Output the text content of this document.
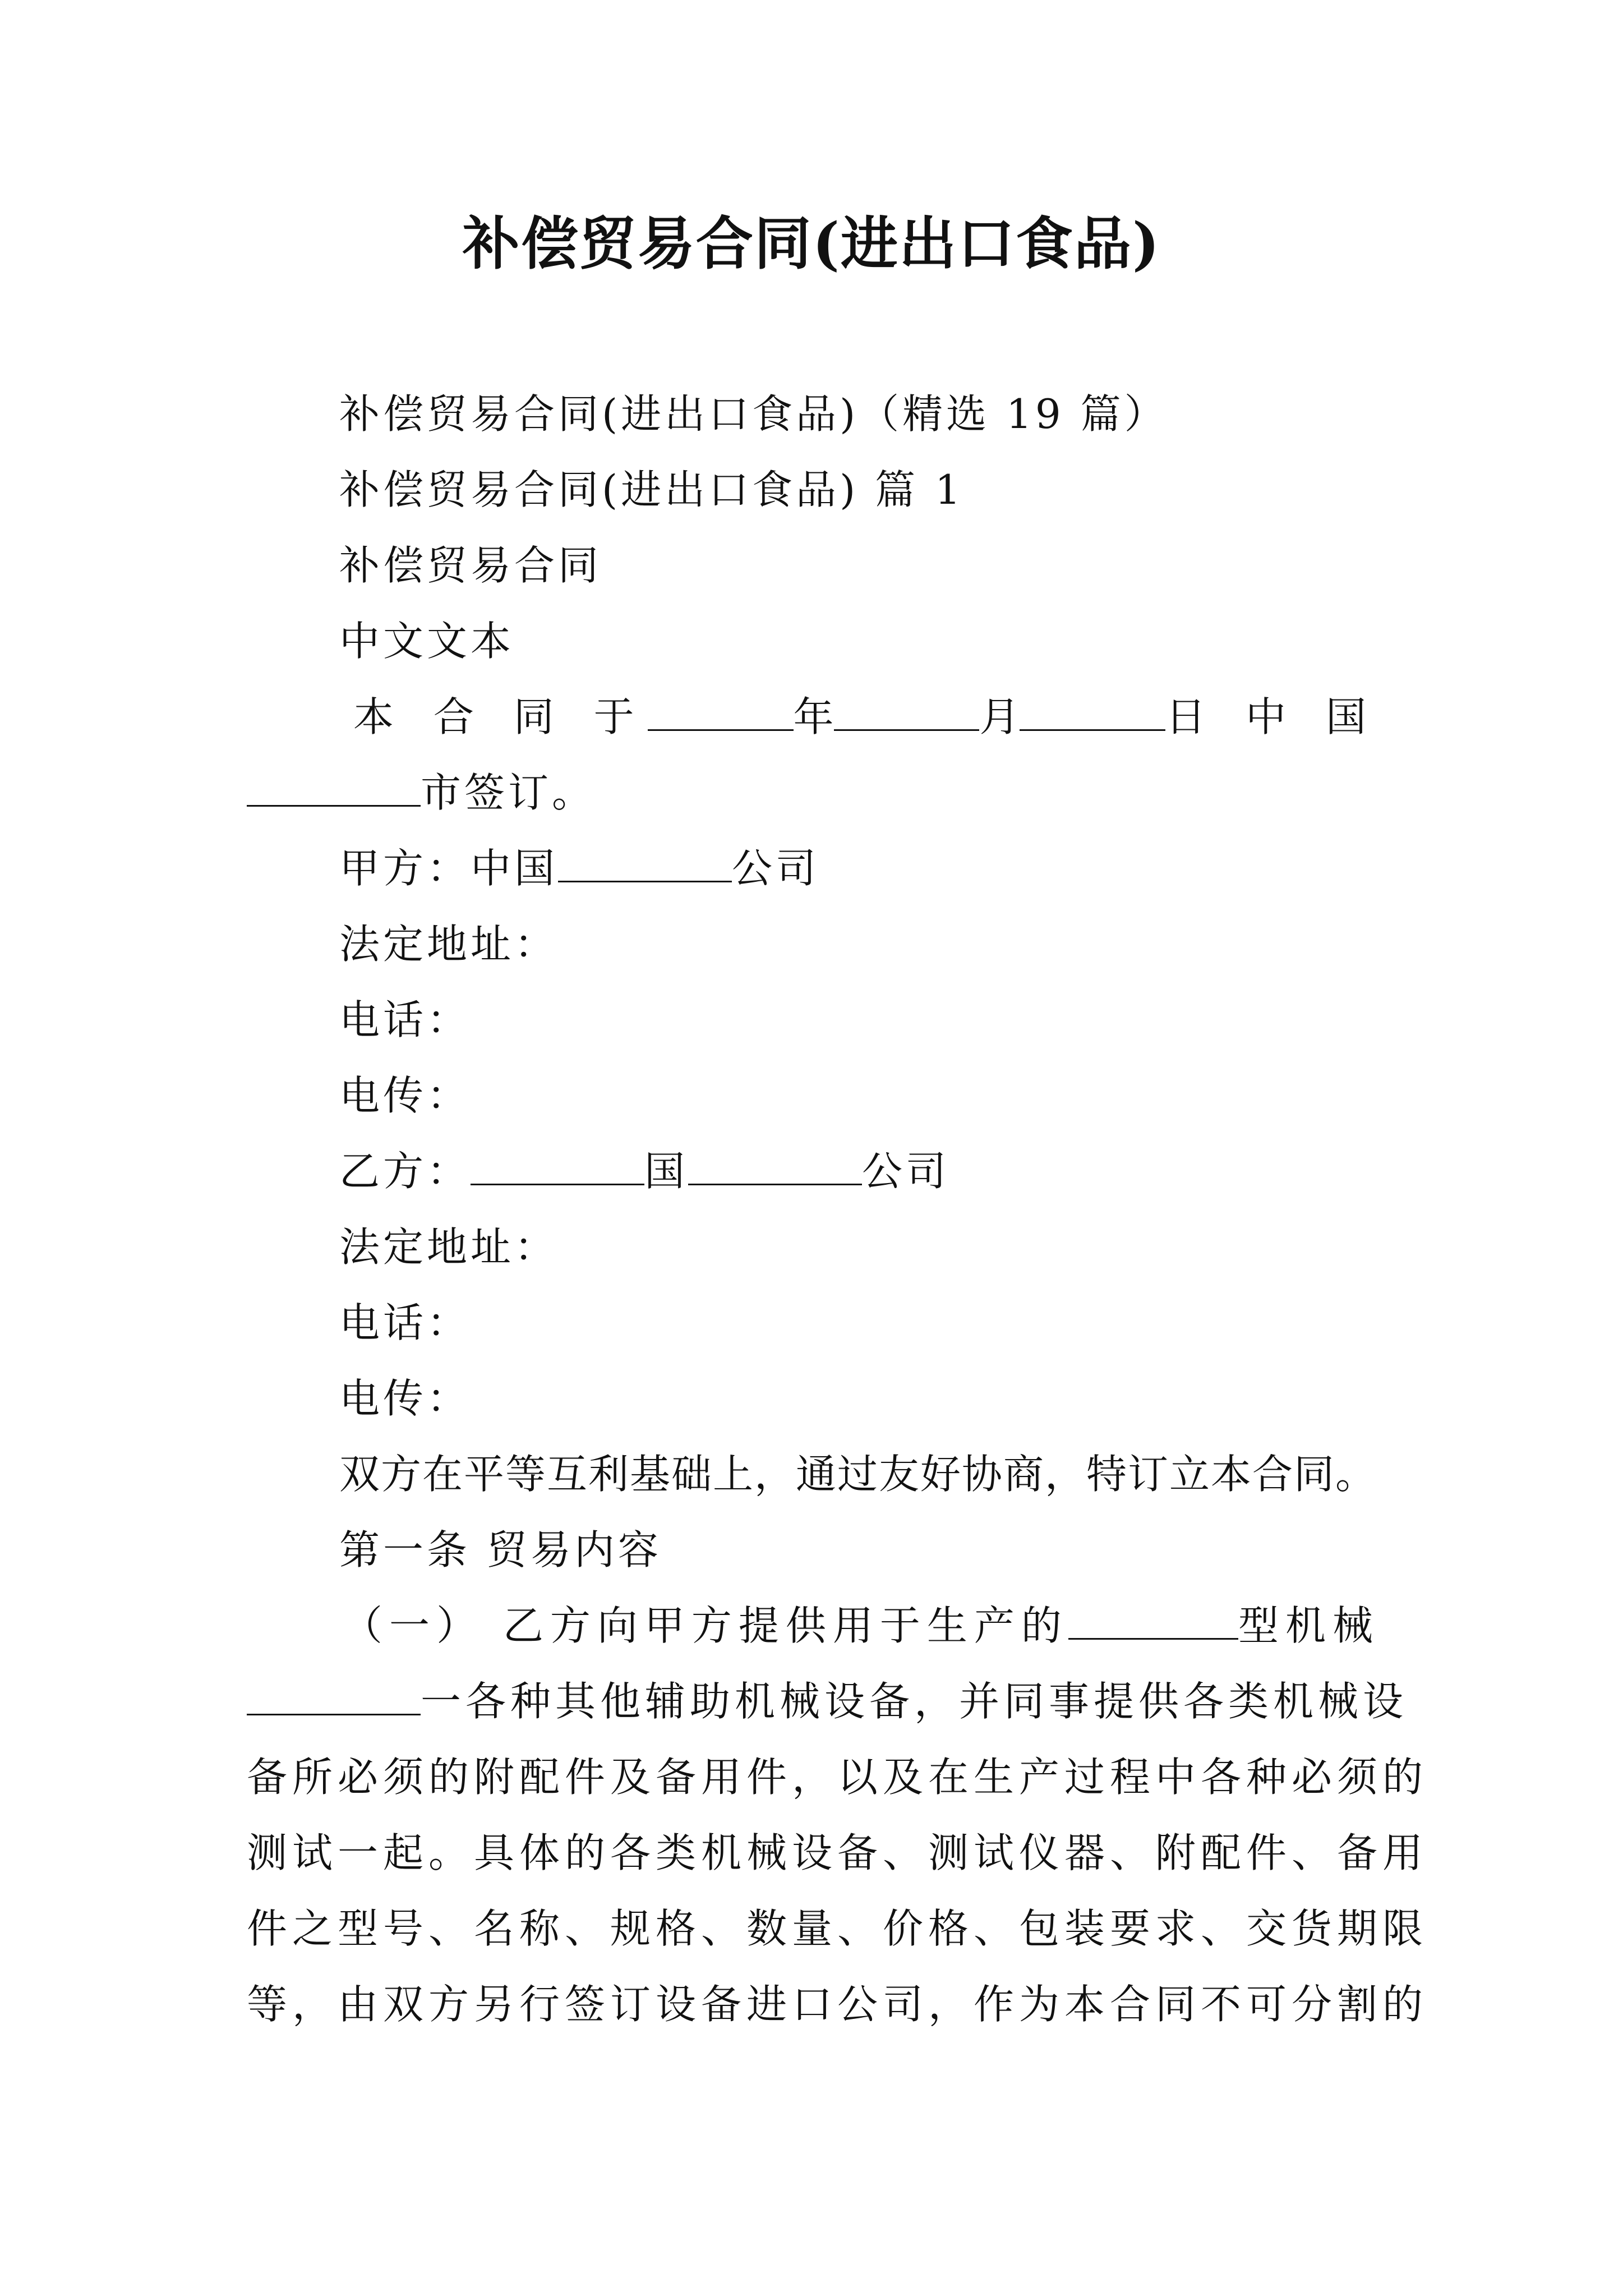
补偿贸易合同(进出口食品)
补偿贸易合同(进出口食品)（精选 19 篇）
补偿贸易合同(进出口食品) 篇 1
补偿贸易合同
中文文本
本 合 同 于	年	月	日 中 国
市签订。
甲方：中国	公司
法定地址：
电话：
电传：
乙方：	国	公司
法定地址：
电话：
电传：
双方在平等互利基础上，通过友好协商，特订立本合同。
第一条 贸易内容
（一） 乙方向甲方提供用于生产的	型机械
一各种其他辅助机械设备，并同事提供各类机械设
备所必须的附配件及备用件，以及在生产过程中各种必须的
测试一起。具体的各类机械设备、测试仪器、附配件、备用
件之型号、名称、规格、数量、价格、包装要求、交货期限
等，由双方另行签订设备进口公司，作为本合同不可分割的
